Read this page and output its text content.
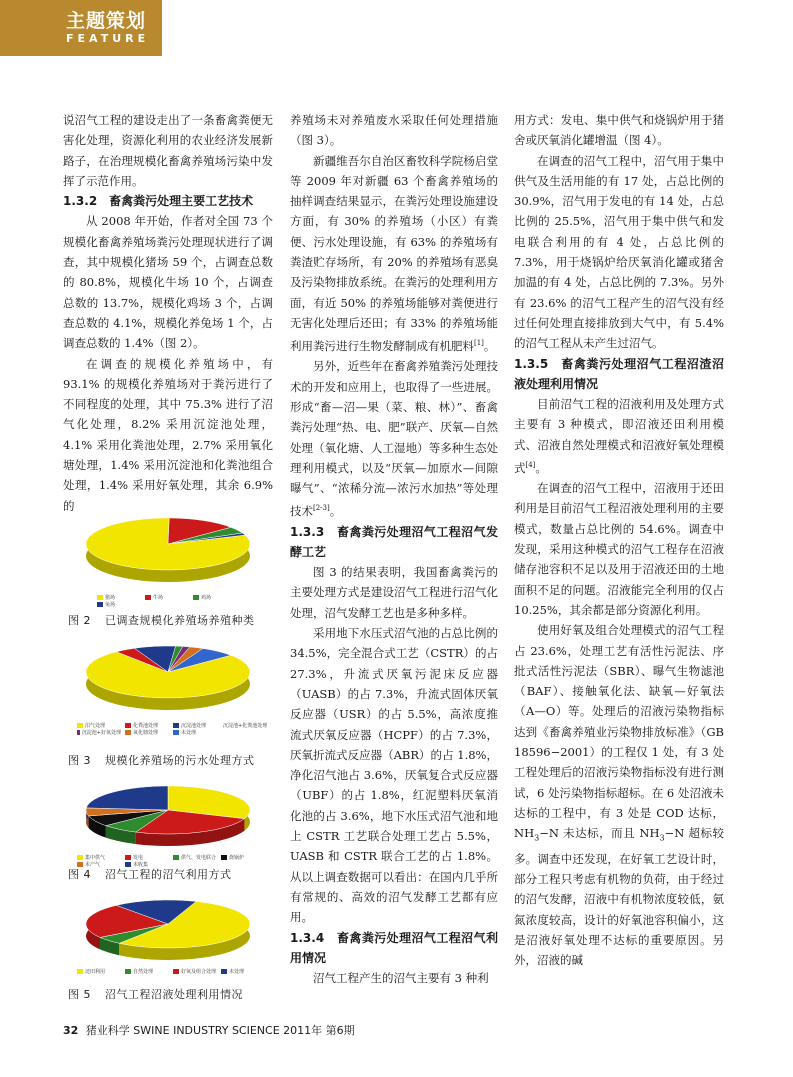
主题策划
FEATURE

说沼气工程的建设走出了一条畜禽粪便无害化处理，资源化利用的农业经济发展新路子，在治理规模化畜禽养殖场污染中发挥了示范作用。

1.3.2　畜禽粪污处理主要工艺技术

从 2008 年开始，作者对全国 73 个规模化畜禽养殖场粪污处理现状进行了调查，其中规模化猪场 59 个，占调查总数的 80.8%，规模化牛场 10 个，占调查总数的 13.7%，规模化鸡场 3 个，占调查总数的 4.1%，规模化养兔场 1 个，占调查总数的 1.4%（图 2）。

在调查的规模化养殖场中，有 93.1% 的规模化养殖场对于粪污进行了不同程度的处理，其中 75.3% 进行了沼气化处理，8.2% 采用沉淀池处理，4.1% 采用化粪池处理，2.7% 采用氧化塘处理，1.4% 采用沉淀池和化粪池组合处理，1.4% 采用好氧处理，其余 6.9% 的

猪场	牛场	鸡场
兔场
图 2 已调查规模化养殖场养殖种类
沼气处理	化粪池处理	沉淀池处理	沉淀池+化粪池处理
沉淀池+好氧处理 氧化塘处理	未处理
图 3 规模化养殖场的污水处理方式
集中供气	发电	供气、发电联合	烧锅炉
未产气	未收集
图 4 沼气工程的沼气利用方式
还田利用	自然处理	好氧及组合处理	未处理
图 5 沼气工程沼液处理利用情况

养殖场未对养殖废水采取任何处理措施（图 3）。

新疆维吾尔自治区畜牧科学院杨启堂等 2009 年对新疆 63 个畜禽养殖场的抽样调查结果显示，在粪污处理设施建设方面，有 30% 的养殖场（小区）有粪便、污水处理设施，有 63% 的养殖场有粪渣贮存场所，有 20% 的养殖场有恶臭及污染物排放系统。在粪污的处理利用方面，有近 50% 的养殖场能够对粪便进行无害化处理后还田；有 33% 的养殖场能利用粪污进行生物发酵制成有机肥料[1]。

另外，近些年在畜禽养殖粪污处理技术的开发和应用上，也取得了一些进展。形成“畜—沼—果（菜、粮、林）”、畜禽粪污处理“热、电、肥”联产、厌氧—自然处理（氧化塘、人工湿地）等多种生态处理利用模式，以及“厌氧—加原水—间隙曝气”、“浓稀分流—浓污水加热”等处理技术[2-3]。

1.3.3　畜禽粪污处理沼气工程沼气发酵工艺

图 3 的结果表明，我国畜禽粪污的主要处理方式是建设沼气工程进行沼气化处理，沼气发酵工艺也是多种多样。

采用地下水压式沼气池的占总比例的 34.5%，完全混合式工艺（CSTR）的占 27.3%，升流式厌氧污泥床反应器（UASB）的占 7.3%，升流式固体厌氧反应器（USR）的占 5.5%，高浓度推流式厌氧反应器（HCPF）的占 7.3%，厌氧折流式反应器（ABR）的占 1.8%，净化沼气池占 3.6%，厌氧复合式反应器（UBF）的占 1.8%，红泥塑料厌氧消化池的占 3.6%，地下水压式沼气池和地上 CSTR 工艺联合处理工艺占 5.5%，UASB 和 CSTR 联合工艺的占 1.8%。从以上调查数据可以看出：在国内几乎所有常规的、高效的沼气发酵工艺都有应用。

1.3.4　畜禽粪污处理沼气工程沼气利用情况

沼气工程产生的沼气主要有 3 种利

用方式：发电、集中供气和烧锅炉用于猪舍或厌氧消化罐增温（图 4）。

在调查的沼气工程中，沼气用于集中供气及生活用能的有 17 处，占总比例的 30.9%，沼气用于发电的有 14 处，占总比例的 25.5%，沼气用于集中供气和发电联合利用的有 4 处，占总比例的 7.3%，用于烧锅炉给厌氧消化罐或猪舍加温的有 4 处，占总比例的 7.3%。另外有 23.6% 的沼气工程产生的沼气没有经过任何处理直接排放到大气中，有 5.4% 的沼气工程从未产生过沼气。

1.3.5　畜禽粪污处理沼气工程沼渣沼液处理利用情况

目前沼气工程的沼液利用及处理方式主要有 3 种模式，即沼液还田利用模式、沼液自然处理模式和沼液好氧处理模式[4]。

在调查的沼气工程中，沼液用于还田利用是目前沼气工程沼液处理利用的主要模式，数量占总比例的 54.6%。调查中发现，采用这种模式的沼气工程存在沼液储存池容积不足以及用于沼液还田的土地面积不足的问题。沼液能完全利用的仅占 10.25%，其余都是部分资源化利用。

使用好氧及组合处理模式的沼气工程占 23.6%，处理工艺有活性污泥法、序批式活性污泥法（SBR）、曝气生物滤池（BAF）、接触氧化法、缺氧—好氧法（A—O）等。处理后的沼液污染物指标达到《畜禽养殖业污染物排放标准》（GB 18596−2001）的工程仅 1 处，有 3 处工程处理后的沼液污染物指标没有进行测试，6 处污染物指标超标。在 6 处沼液未达标的工程中，有 3 处是 COD 达标，$NH_3-N$ 未达标，而且 $NH_3-N$ 超标较多。调查中还发现，在好氧工艺设计时，部分工程只考虑有机物的负荷，由于经过的沼气发酵，沼液中有机物浓度较低，氨氮浓度较高，设计的好氧池容积偏小，这是沼液好氧处理不达标的重要原因。另外，沼液的碱

32 猪业科学 SWINE INDUSTRY SCIENCE 2011年 第6期
